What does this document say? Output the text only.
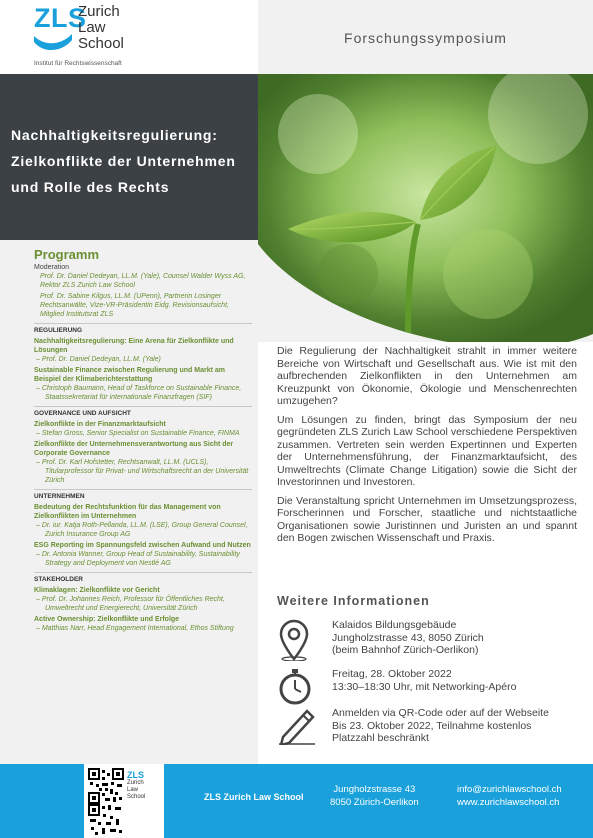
ZLS
Zurich
Law
School
Institut für Rechtswissenschaft
Forschungssymposium
Nachhaltigkeitsregulierung:
Zielkonflikte der Unternehmen
und Rolle des Rechts
Programm
Moderation
Prof. Dr. Daniel Dedeyan, LL.M. (Yale), Counsel Walder Wyss AG, Rektor ZLS Zurich Law School
Prof. Dr. Sabine Kilgus, LL.M. (UPenn), Partnerin Losinger Rechtsanwälte, Vize-VR-Präsidentin Eidg. Revisionsaufsicht, Mitglied Institutsrat ZLS
REGULIERUNG
Nachhaltigkeitsregulierung: Eine Arena für Zielkonflikte und Lösungen
– Prof. Dr. Daniel Dedeyan, LL.M. (Yale)
Sustainable Finance zwischen Regulierung und Markt am Beispiel der Klimaberichterstattung
– Christoph Baumann, Head of Taskforce on Sustainable Finance, Staatssekretariat für internationale Finanzfragen (SIF)
GOVERNANCE UND AUFSICHT
Zielkonflikte in der Finanzmarktaufsicht
– Stefan Gross, Senior Specialist on Sustainable Finance, FINMA
Zielkonflikte der Unternehmensverantwortung aus Sicht der Corporate Governance
– Prof. Dr. Karl Hofstetter, Rechtsanwalt, LL.M. (UCLS), Titularprofessor für Privat- und Wirtschaftsrecht an der Universität Zürich
UNTERNEHMEN
Bedeutung der Rechtsfunktion für das Management von Zielkonflikten im Unternehmen
– Dr. iur. Katja Roth-Pellanda, LL.M. (LSE), Group General Counsel, Zurich Insurance Group AG
ESG Reporting im Spannungsfeld zwischen Aufwand und Nutzen
– Dr. Antonia Wanner, Group Head of Sustainability, Sustainability Strategy and Deployment von Nestlé AG
STAKEHOLDER
Klimaklagen: Zielkonflikte vor Gericht
– Prof. Dr. Johannes Reich, Professor für Öffentliches Recht, Umweltrecht und Energierecht, Universität Zürich
Active Ownership: Zielkonflikte und Erfolge
– Matthias Narr, Head Engagement International, Ethos Stiftung

Die Regulierung der Nachhaltigkeit strahlt in immer weitere Bereiche von Wirtschaft und Gesellschaft aus. Wie ist mit den aufbrechenden Zielkonflikten in den Unternehmen am Kreuzpunkt von Ökonomie, Ökologie und Menschenrechten umzugehen?

Um Lösungen zu finden, bringt das Symposium der neu gegründeten ZLS Zurich Law School verschiedene Perspektiven zusammen. Vertreten sein werden Expertinnen und Experten der Unternehmensführung, der Finanzmarktaufsicht, des Umweltrechts (Climate Change Litigation) sowie die Sicht der Investorinnen und Investoren.

Die Veranstaltung spricht Unternehmen im Umsetzungsprozess, Forscherinnen und Forscher, staatliche und nichtstaatliche Organisationen sowie Juristinnen und Juristen an und spannt den Bogen zwischen Wissenschaft und Praxis.

Weitere Informationen
Kalaidos Bildungsgebäude
Jungholzstrasse 43, 8050 Zürich
(beim Bahnhof Zürich-Oerlikon)
Freitag, 28. Oktober 2022
13:30–18:30 Uhr, mit Networking-Apéro
Anmelden via QR-Code oder auf der Webseite
Bis 23. Oktober 2022, Teilnahme kostenlos
Platzzahl beschränkt
ZLS
Zurich
Law
School	ZLS Zurich Law School
Jungholzstrasse 43
8050 Zürich-Oerlikon
info@zurichlawschool.ch
www.zurichlawschool.ch
